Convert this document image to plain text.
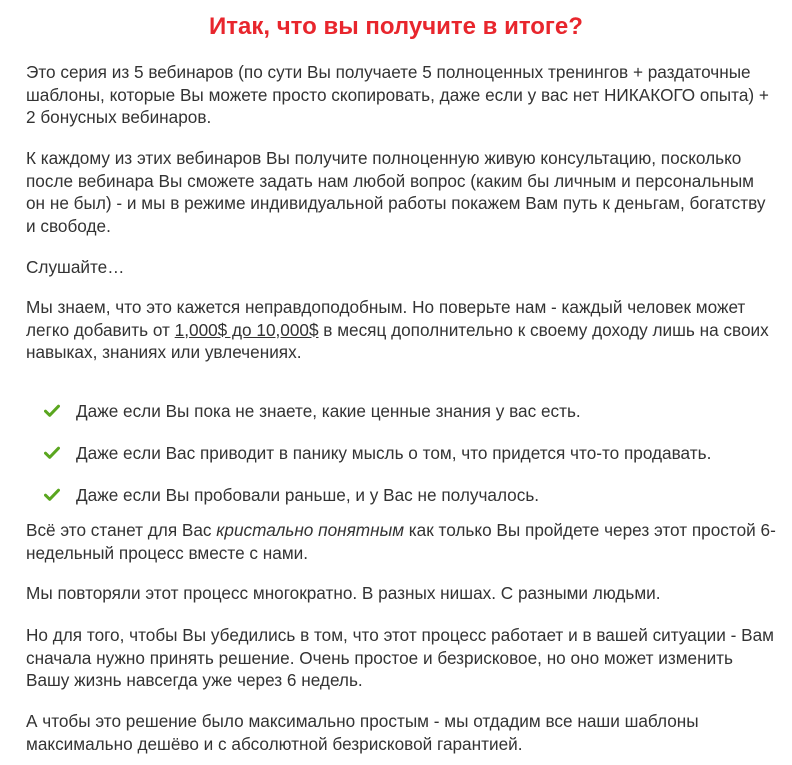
Итак, что вы получите в итоге?

Это серия из 5 вебинаров (по сути Вы получаете 5 полноценных тренингов + раздаточные шаблоны, которые Вы можете просто скопировать, даже если у вас нет НИКАКОГО опыта) + 2 бонусных вебинаров.

К каждому из этих вебинаров Вы получите полноценную живую консультацию, посколько после вебинара Вы сможете задать нам любой вопрос (каким бы личным и персональным он не был) - и мы в режиме индивидуальной работы покажем Вам путь к деньгам, богатству и свободе.

Слушайте…

Мы знаем, что это кажется неправдоподобным. Но поверьте нам - каждый человек может легко добавить от 1,000$ до 10,000$ в месяц дополнительно к своему доходу лишь на своих навыках, знаниях или увлечениях.

Даже если Вы пока не знаете, какие ценные знания у вас есть.
Даже если Вас приводит в панику мысль о том, что придется что-то продавать.
Даже если Вы пробовали раньше, и у Вас не получалось.

Всё это станет для Вас кристально понятным как только Вы пройдете через этот простой 6-недельный процесс вместе с нами.

Мы повторяли этот процесс многократно. В разных нишах. С разными людьми.

Но для того, чтобы Вы убедились в том, что этот процесс работает и в вашей ситуации - Вам сначала нужно принять решение. Очень простое и безрисковое, но оно может изменить Вашу жизнь навсегда уже через 6 недель.

А чтобы это решение было максимально простым - мы отдадим все наши шаблоны максимально дешёво и с абсолютной безрисковой гарантией.
